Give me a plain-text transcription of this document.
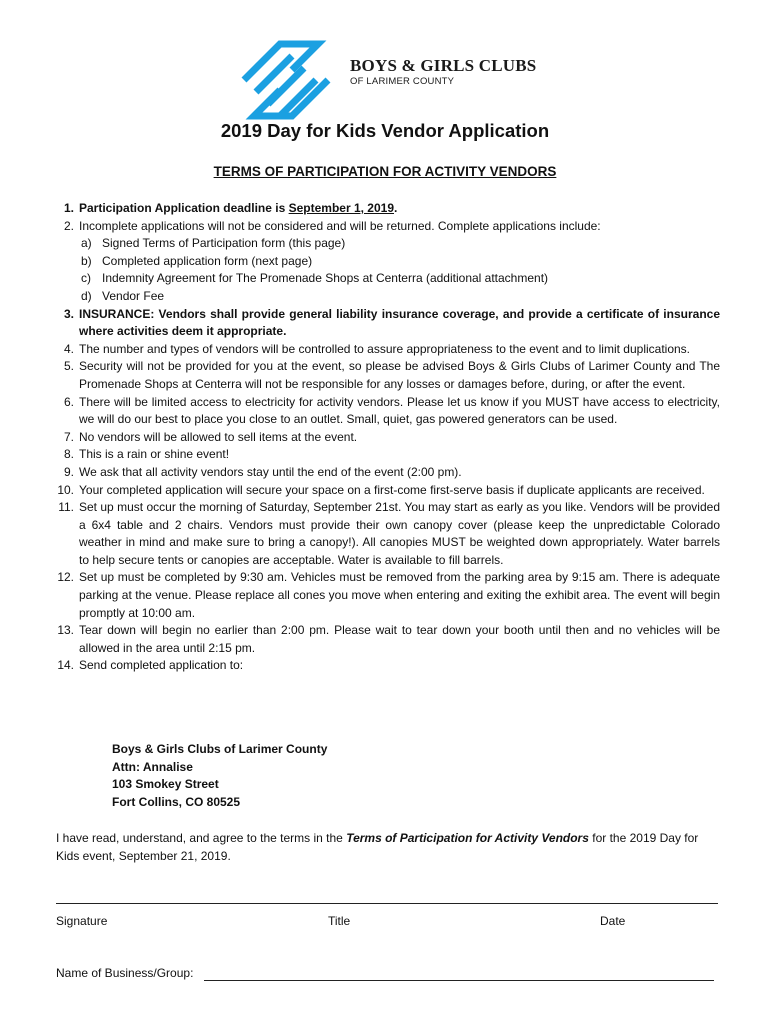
BOYS & GIRLS CLUBS
OF LARIMER COUNTY
2019 Day for Kids Vendor Application
TERMS OF PARTICIPATION FOR ACTIVITY VENDORS
1. Participation Application deadline is September 1, 2019.
2. Incomplete applications will not be considered and will be returned. Complete applications include:
a) Signed Terms of Participation form (this page)
b) Completed application form (next page)
c) Indemnity Agreement for The Promenade Shops at Centerra (additional attachment)
d) Vendor Fee
3. INSURANCE: Vendors shall provide general liability insurance coverage, and provide a certificate of insurance where activities deem it appropriate.
4. The number and types of vendors will be controlled to assure appropriateness to the event and to limit duplications.
5. Security will not be provided for you at the event, so please be advised Boys & Girls Clubs of Larimer County and The Promenade Shops at Centerra will not be responsible for any losses or damages before, during, or after the event.
6. There will be limited access to electricity for activity vendors. Please let us know if you MUST have access to electricity, we will do our best to place you close to an outlet. Small, quiet, gas powered generators can be used.
7. No vendors will be allowed to sell items at the event.
8. This is a rain or shine event!
9. We ask that all activity vendors stay until the end of the event (2:00 pm).
10. Your completed application will secure your space on a first-come first-serve basis if duplicate applicants are received.
11. Set up must occur the morning of Saturday, September 21st. You may start as early as you like. Vendors will be provided a 6x4 table and 2 chairs. Vendors must provide their own canopy cover (please keep the unpredictable Colorado weather in mind and make sure to bring a canopy!). All canopies MUST be weighted down appropriately. Water barrels to help secure tents or canopies are acceptable. Water is available to fill barrels.
12. Set up must be completed by 9:30 am. Vehicles must be removed from the parking area by 9:15 am. There is adequate parking at the venue. Please replace all cones you move when entering and exiting the exhibit area. The event will begin promptly at 10:00 am.
13. Tear down will begin no earlier than 2:00 pm. Please wait to tear down your booth until then and no vehicles will be allowed in the area until 2:15 pm.
14. Send completed application to:
Boys & Girls Clubs of Larimer County
Attn: Annalise
103 Smokey Street
Fort Collins, CO 80525
I have read, understand, and agree to the terms in the Terms of Participation for Activity Vendors for the 2019 Day for Kids event, September 21, 2019.
Signature	Title	Date
Name of Business/Group:
